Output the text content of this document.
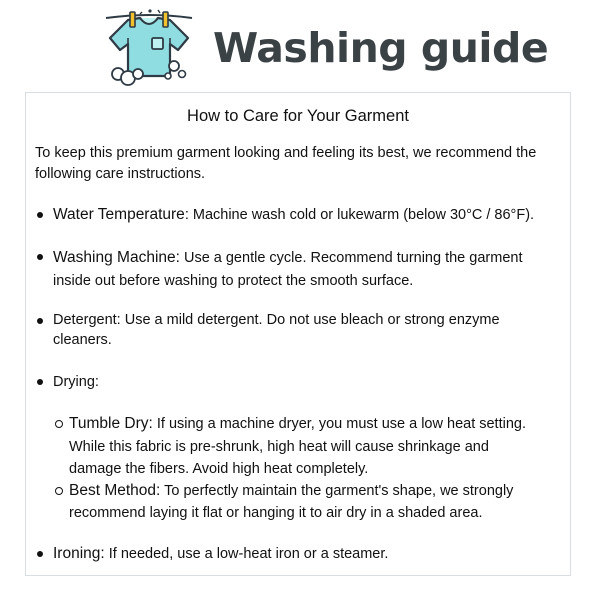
Washing guide
How to Care for Your Garment

To keep this premium garment looking and feeling its best, we recommend the following care instructions.

Water Temperature: Machine wash cold or lukewarm (below 30°C / 86°F).

Washing Machine: Use a gentle cycle. Recommend turning the garment inside out before washing to protect the smooth surface.

Detergent: Use a mild detergent. Do not use bleach or strong enzyme cleaners.

Drying:

Tumble Dry: If using a machine dryer, you must use a low heat setting. While this fabric is pre-shrunk, high heat will cause shrinkage and damage the fibers. Avoid high heat completely.

Best Method: To perfectly maintain the garment's shape, we strongly recommend laying it flat or hanging it to air dry in a shaded area.

Ironing: If needed, use a low-heat iron or a steamer.
